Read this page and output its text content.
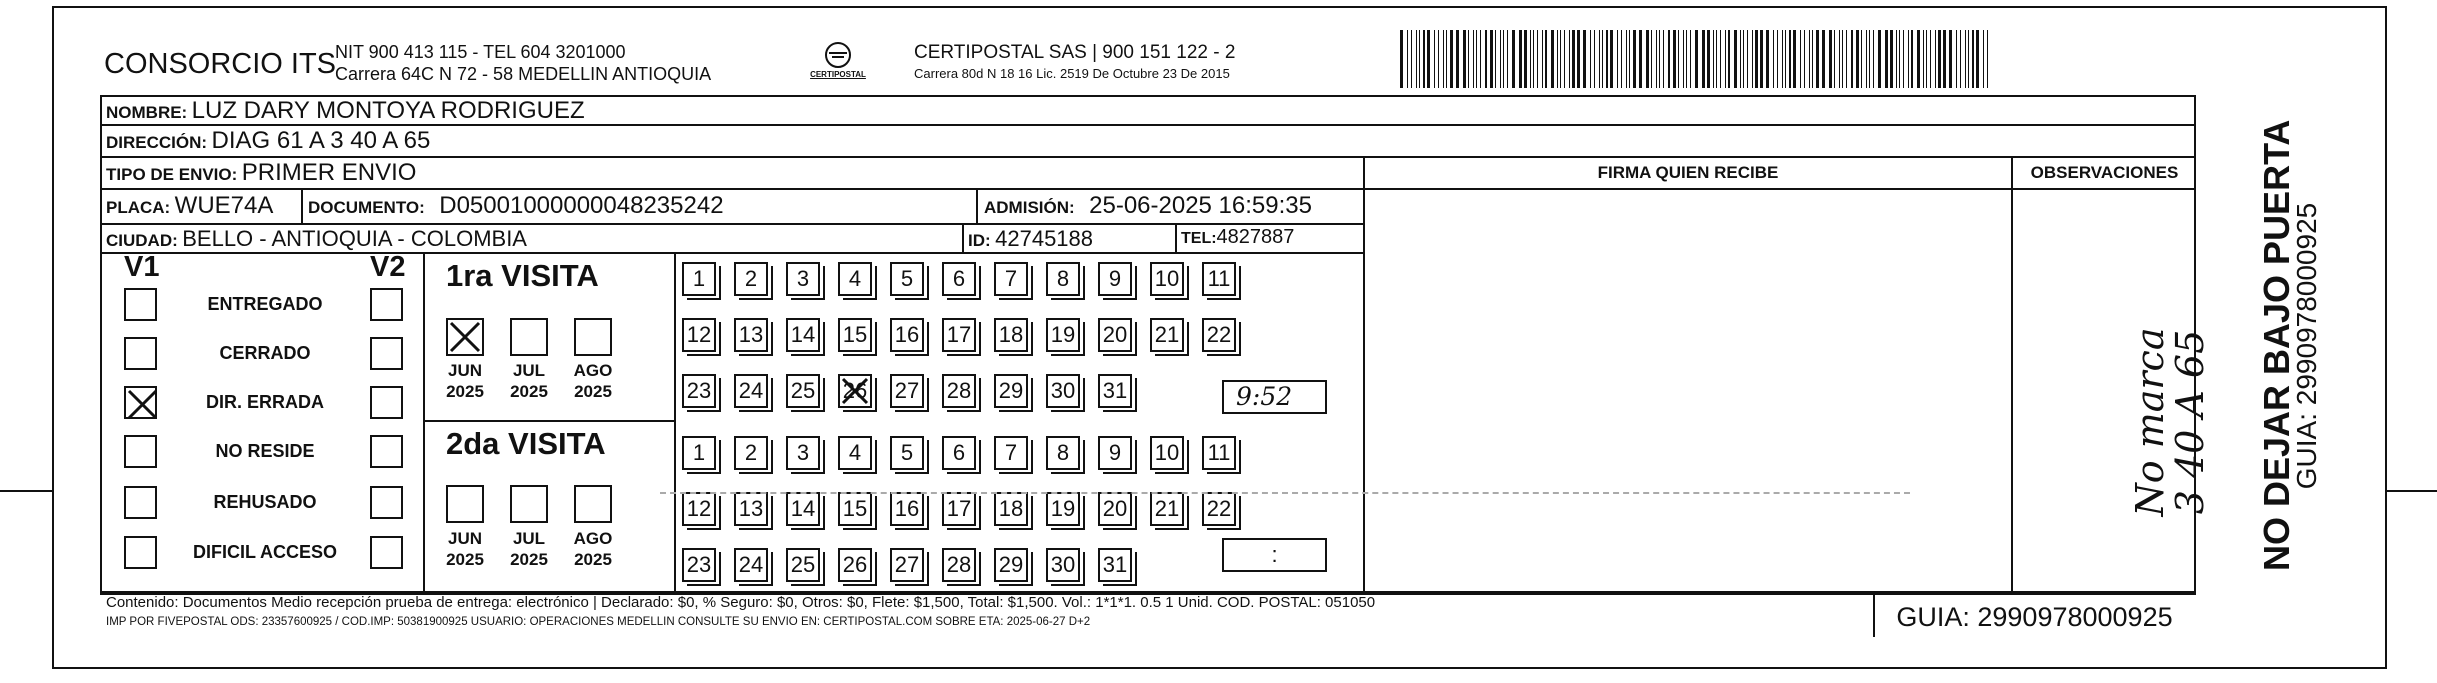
CONSORCIO ITS
NIT 900 413 115 - TEL 604 3201000
Carrera 64C N 72 - 58 MEDELLIN ANTIOQUIA	CERTIPOSTAL
CERTIPOSTAL SAS | 900 151 122 - 2
Carrera 80d N 18 16 Lic. 2519 De Octubre 23 De 2015
NOMBRE: LUZ DARY MONTOYA RODRIGUEZ
DIRECCIÓN: DIAG 61 A 3 40 A 65
TIPO DE ENVIO: PRIMER ENVIO
PLACA: WUE74A DOCUMENTO: D05001000000048235242	ADMISIÓN: 25-06-2025 16:59:35
CIUDAD: BELLO - ANTIOQUIA - COLOMBIA	ID: 42745188	TEL:4827887
FIRMA QUIEN RECIBE	OBSERVACIONES
V1	V2
ENTREGADO
CERRADO
DIR. ERRADA
NO RESIDE
REHUSADO
DIFICIL ACCESO
1ra VISITA
2da VISITA
JUN
2025
JUL
2025
AGO
2025
1 2 3 4 5 6 7 8 9 10 11
12 13 14 15 16 17 18 19 20 21 22
23 24 25 26 27 28 29 30 31
JUN
2025
JUL
2025
AGO
2025
1 2 3 4 5 6 7 8 9 10 11
12 13 14 15 16 17 18 19 20 21 22
23 24 25 26 27 28 29 30 31
9:52
:
No marca
3 40 A 65 NO DEJAR BAJO PUERTA
GUIA: 2990978000925
Contenido: Documentos Medio recepción prueba de entrega: electrónico | Declarado: $0, % Seguro: $0, Otros: $0, Flete: $1,500, Total: $1,500. Vol.: 1*1*1. 0.5 1 Unid. COD. POSTAL: 051050
IMP POR FIVEPOSTAL ODS: 23357600925 / COD.IMP: 50381900925 USUARIO: OPERACIONES MEDELLIN CONSULTE SU ENVIO EN: CERTIPOSTAL.COM SOBRE ETA: 2025-06-27 D+2	GUIA: 2990978000925
